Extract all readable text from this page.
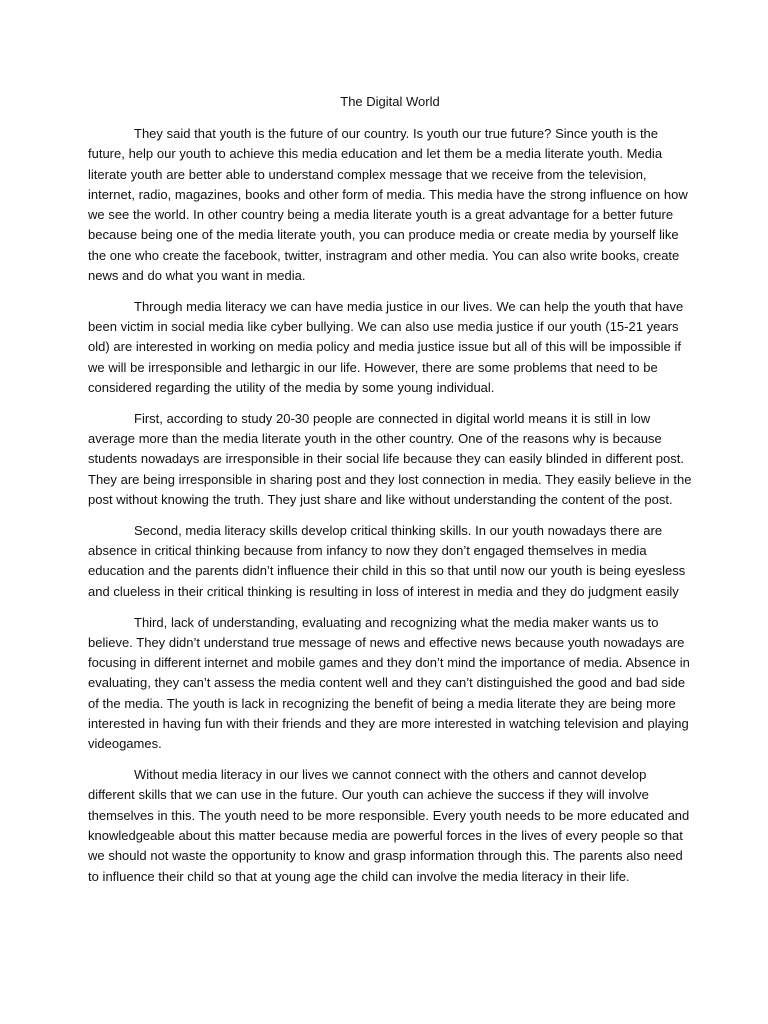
The Digital World

They said that youth is the future of our country. Is youth our true future? Since youth is the future, help our youth to achieve this media education and let them be a media literate youth. Media literate youth are better able to understand complex message that we receive from the television, internet, radio, magazines, books and other form of media. This media have the strong influence on how we see the world. In other country being a media literate youth is a great advantage for a better future because being one of the media literate youth, you can produce media or create media by yourself like the one who create the facebook, twitter, instragram and other media. You can also write books, create news and do what you want in media.

Through media literacy we can have media justice in our lives. We can help the youth that have been victim in social media like cyber bullying. We can also use media justice if our youth (15-21 years old) are interested in working on media policy and media justice issue but all of this will be impossible if we will be irresponsible and lethargic in our life. However, there are some problems that need to be considered regarding the utility of the media by some young individual.

First, according to study 20-30 people are connected in digital world means it is still in low average more than the media literate youth in the other country. One of the reasons why is because students nowadays are irresponsible in their social life because they can easily blinded in different post. They are being irresponsible in sharing post and they lost connection in media. They easily believe in the post without knowing the truth. They just share and like without understanding the content of the post.

Second, media literacy skills develop critical thinking skills. In our youth nowadays there are absence in critical thinking because from infancy to now they don’t engaged themselves in media education and the parents didn’t influence their child in this so that until now our youth is being eyesless and clueless in their critical thinking is resulting in loss of interest in media and they do judgment easily

Third, lack of understanding, evaluating and recognizing what the media maker wants us to believe. They didn’t understand true message of news and effective news because youth nowadays are focusing in different internet and mobile games and they don’t mind the importance of media. Absence in evaluating, they can’t assess the media content well and they can’t distinguished the good and bad side of the media. The youth is lack in recognizing the benefit of being a media literate they are being more interested in having fun with their friends and they are more interested in watching television and playing videogames.

Without media literacy in our lives we cannot connect with the others and cannot develop different skills that we can use in the future. Our youth can achieve the success if they will involve themselves in this. The youth need to be more responsible. Every youth needs to be more educated and knowledgeable about this matter because media are powerful forces in the lives of every people so that we should not waste the opportunity to know and grasp information through this. The parents also need to influence their child so that at young age the child can involve the media literacy in their life.
